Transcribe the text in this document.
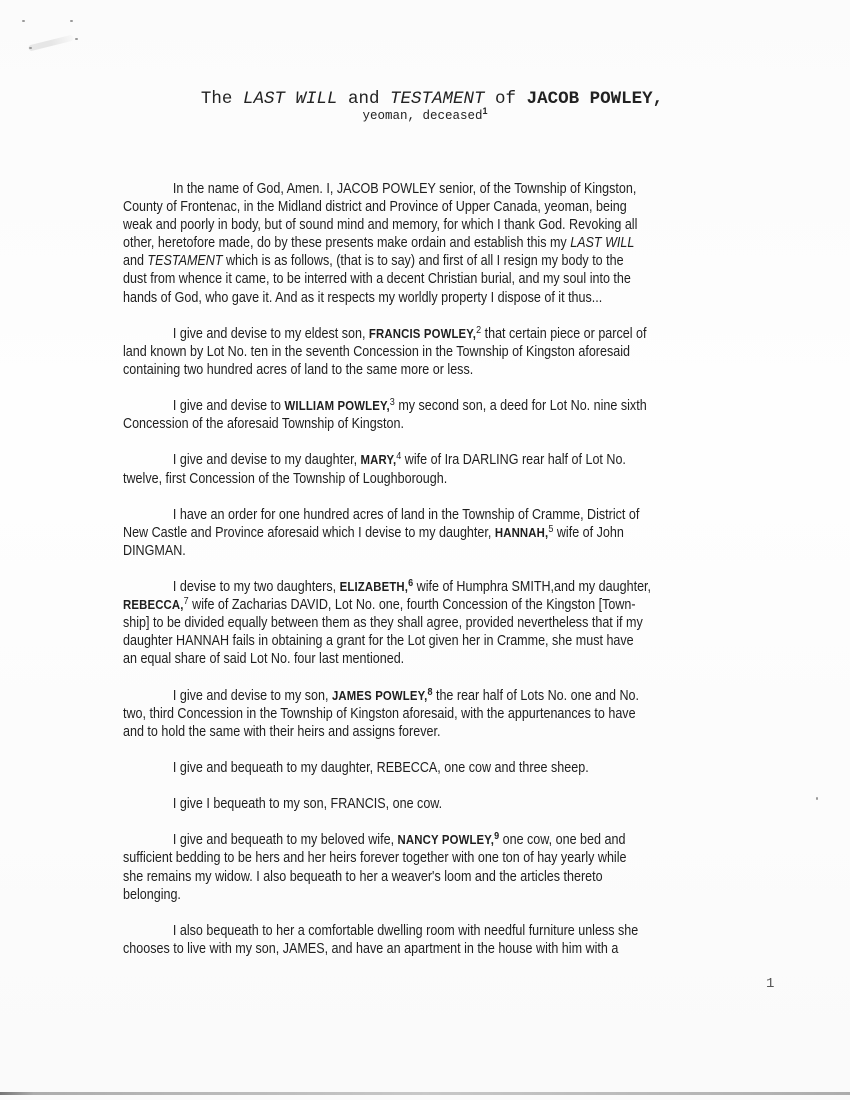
The LAST WILL and TESTAMENT of JACOB POWLEY,
yeoman, deceased$^1$

In the name of God, Amen. I, JACOB POWLEY senior, of the Township of Kingston,
County of Frontenac, in the Midland district and Province of Upper Canada, yeoman, being
weak and poorly in body, but of sound mind and memory, for which I thank God. Revoking all
other, heretofore made, do by these presents make ordain and establish this my LAST WILL
and TESTAMENT which is as follows, (that is to say) and first of all I resign my body to the
dust from whence it came, to be interred with a decent Christian burial, and my soul into the
hands of God, who gave it. And as it respects my worldly property I dispose of it thus...

I give and devise to my eldest son, FRANCIS POWLEY,$^2$ that certain piece or parcel of
land known by Lot No. ten in the seventh Concession in the Township of Kingston aforesaid
containing two hundred acres of land to the same more or less.

I give and devise to WILLIAM POWLEY,$^3$ my second son, a deed for Lot No. nine sixth
Concession of the aforesaid Township of Kingston.

I give and devise to my daughter, MARY,$^4$ wife of Ira DARLING rear half of Lot No.
twelve, first Concession of the Township of Loughborough.

I have an order for one hundred acres of land in the Township of Cramme, District of
New Castle and Province aforesaid which I devise to my daughter, HANNAH,$^5$ wife of John
DINGMAN.

I devise to my two daughters, ELIZABETH,$^6$ wife of Humphra SMITH,and my daughter,
REBECCA,$^7$ wife of Zacharias DAVID, Lot No. one, fourth Concession of the Kingston [Town-
ship] to be divided equally between them as they shall agree, provided nevertheless that if my
daughter HANNAH fails in obtaining a grant for the Lot given her in Cramme, she must have
an equal share of said Lot No. four last mentioned.

I give and devise to my son, JAMES POWLEY,$^8$ the rear half of Lots No. one and No.
two, third Concession in the Township of Kingston aforesaid, with the appurtenances to have
and to hold the same with their heirs and assigns forever.

I give and bequeath to my daughter, REBECCA, one cow and three sheep.

I give I bequeath to my son, FRANCIS, one cow.

I give and bequeath to my beloved wife, NANCY POWLEY,$^9$ one cow, one bed and
sufficient bedding to be hers and her heirs forever together with one ton of hay yearly while
she remains my widow. I also bequeath to her a weaver's loom and the articles thereto
belonging.

I also bequeath to her a comfortable dwelling room with needful furniture unless she
chooses to live with my son, JAMES, and have an apartment in the house with him with a

1
